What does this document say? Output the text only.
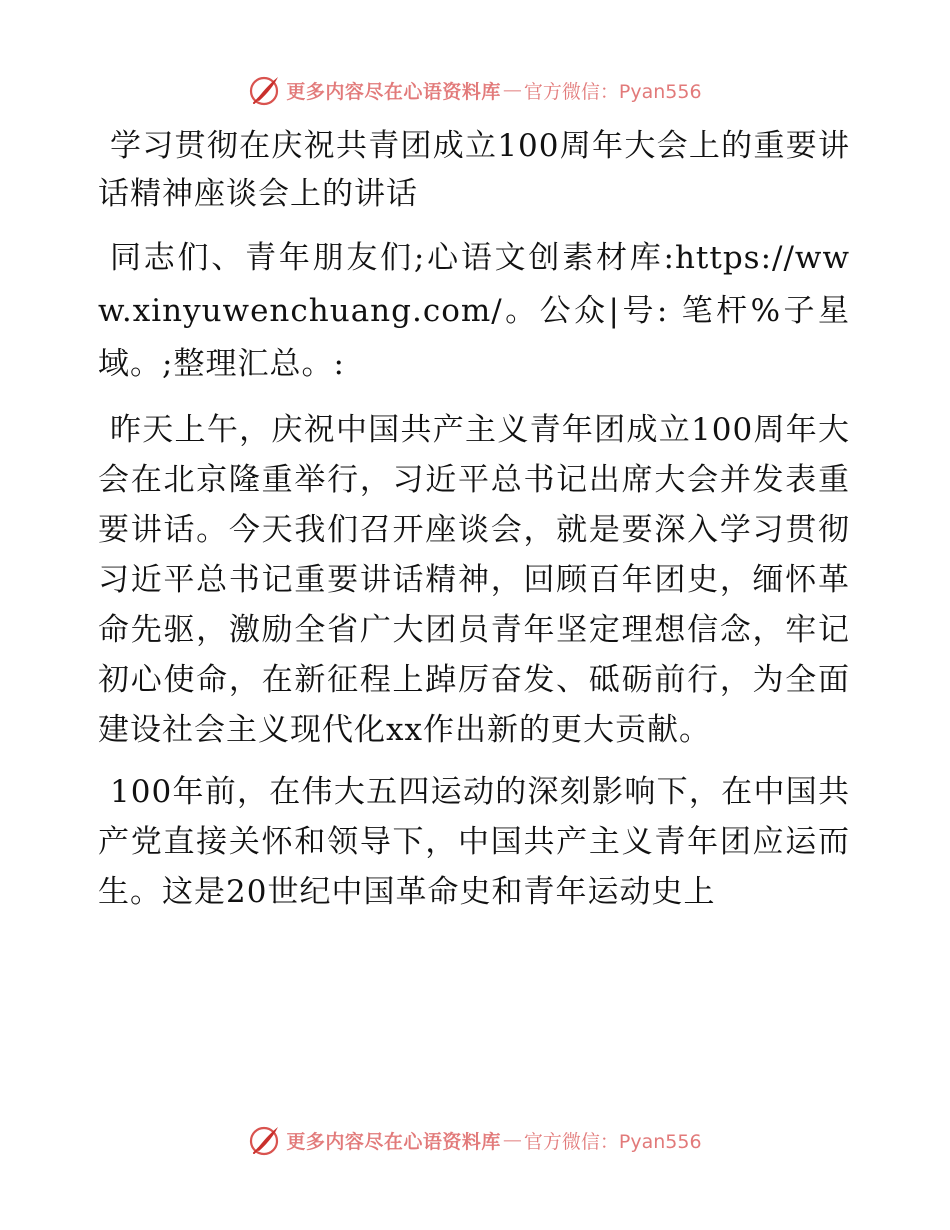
更多内容尽在心语资料库 — 官方微信：Pyan556

学习贯彻在庆祝共青团成立100周年大会上的重要讲话精神座谈会上的讲话

同志们、青年朋友们;心语文创素材库:https://www.xinyuwenchuang.com/。公众|号: 笔杆%子星域。;整理汇总。:

昨天上午，庆祝中国共产主义青年团成立100周年大会在北京隆重举行，习近平总书记出席大会并发表重要讲话。今天我们召开座谈会，就是要深入学习贯彻习近平总书记重要讲话精神，回顾百年团史，缅怀革命先驱，激励全省广大团员青年坚定理想信念，牢记初心使命，在新征程上踔厉奋发、砥砺前行，为全面建设社会主义现代化xx作出新的更大贡献。

100年前，在伟大五四运动的深刻影响下，在中国共产党直接关怀和领导下，中国共产主义青年团应运而生。这是20世纪中国革命史和青年运动史上

更多内容尽在心语资料库 — 官方微信：Pyan556
